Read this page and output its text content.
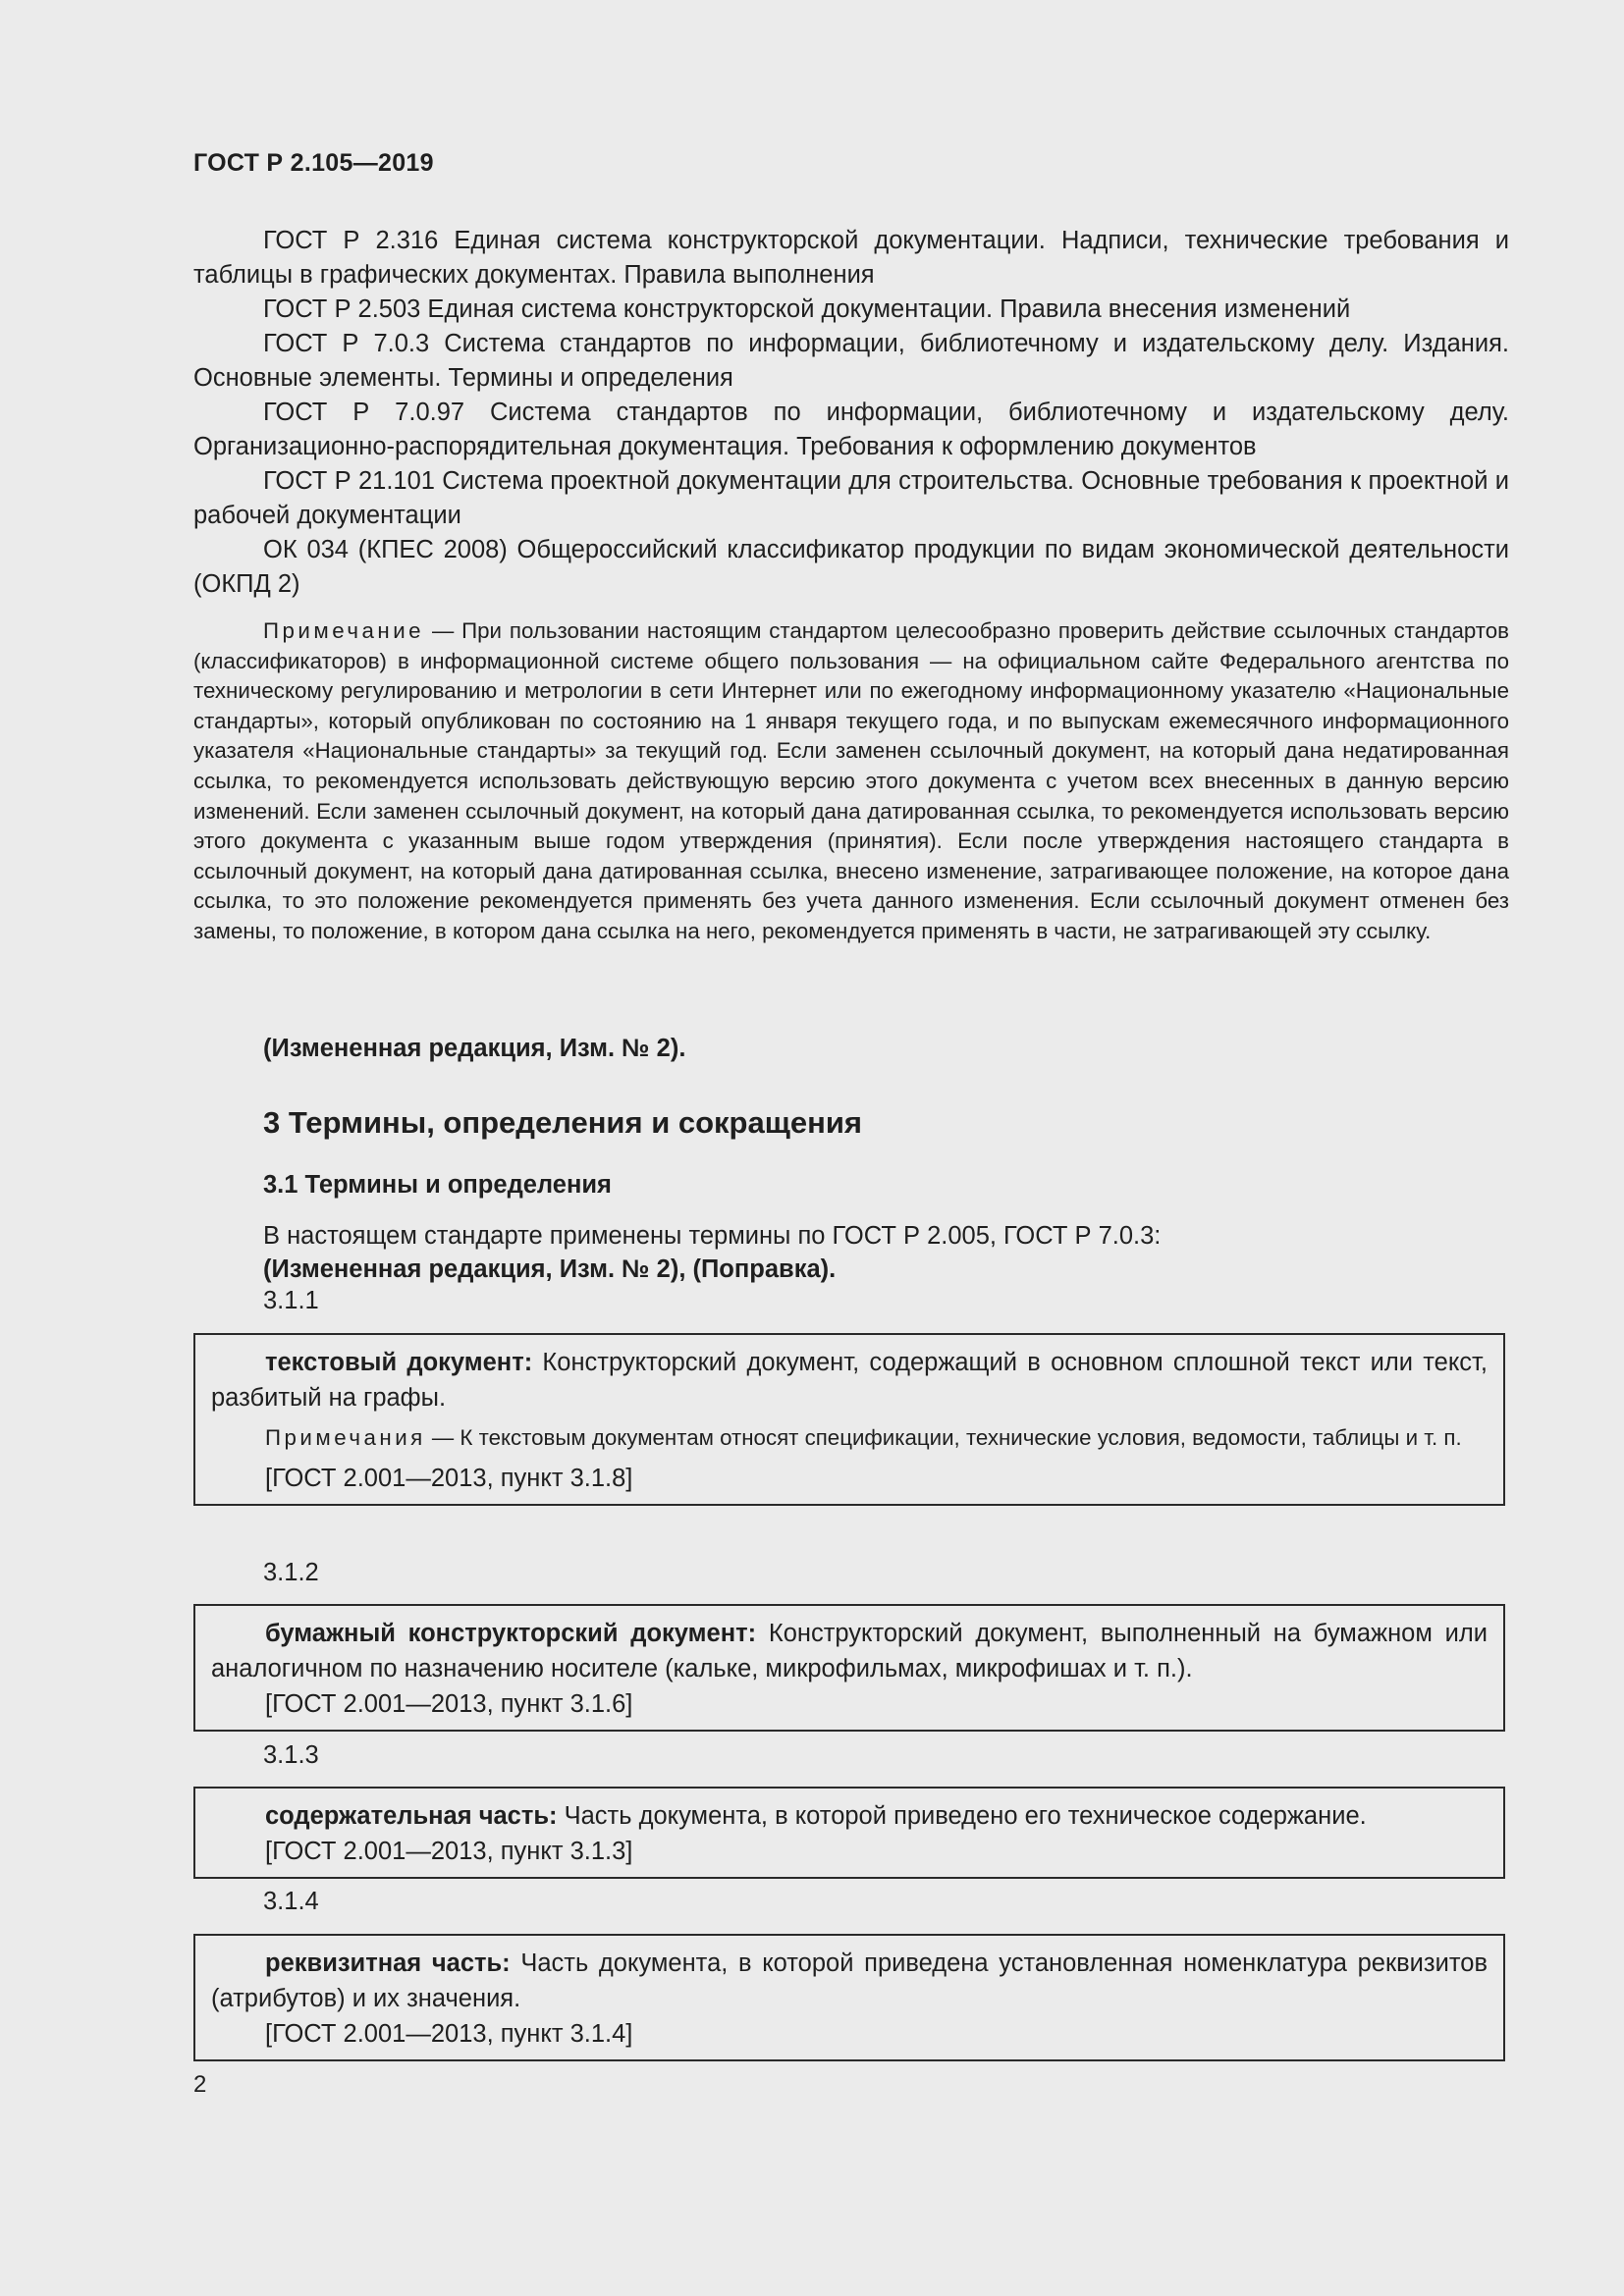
ГОСТ Р 2.105—2019

ГОСТ Р 2.316 Единая система конструкторской документации. Надписи, технические требования и таблицы в графических документах. Правила выполнения

ГОСТ Р 2.503 Единая система конструкторской документации. Правила внесения изменений

ГОСТ Р 7.0.3 Система стандартов по информации, библиотечному и издательскому делу. Издания. Основные элементы. Термины и определения

ГОСТ Р 7.0.97 Система стандартов по информации, библиотечному и издательскому делу. Организационно-распорядительная документация. Требования к оформлению документов

ГОСТ Р 21.101 Система проектной документации для строительства. Основные требования к проектной и рабочей документации

ОК 034 (КПЕС 2008) Общероссийский классификатор продукции по видам экономической деятельности (ОКПД 2)

Примечание — При пользовании настоящим стандартом целесообразно проверить действие ссылочных стандартов (классификаторов) в информационной системе общего пользования — на официальном сайте Федерального агентства по техническому регулированию и метрологии в сети Интернет или по ежегодному информационному указателю «Национальные стандарты», который опубликован по состоянию на 1 января текущего года, и по выпускам ежемесячного информационного указателя «Национальные стандарты» за текущий год. Если заменен ссылочный документ, на который дана недатированная ссылка, то рекомендуется использовать действующую версию этого документа с учетом всех внесенных в данную версию изменений. Если заменен ссылочный документ, на который дана датированная ссылка, то рекомендуется использовать версию этого документа с указанным выше годом утверждения (принятия). Если после утверждения настоящего стандарта в ссылочный документ, на который дана датированная ссылка, внесено изменение, затрагивающее положение, на которое дана ссылка, то это положение рекомендуется применять без учета данного изменения. Если ссылочный документ отменен без замены, то положение, в котором дана ссылка на него, рекомендуется применять в части, не затрагивающей эту ссылку.

(Измененная редакция, Изм. № 2).
3 Термины, определения и сокращения
3.1 Термины и определения
В настоящем стандарте применены термины по ГОСТ Р 2.005, ГОСТ Р 7.0.3:
(Измененная редакция, Изм. № 2), (Поправка).
3.1.1

текстовый документ: Конструкторский документ, содержащий в основном сплошной текст или текст, разбитый на графы.

Примечания — К текстовым документам относят спецификации, технические условия, ведомости, таблицы и т. п.

[ГОСТ 2.001—2013, пункт 3.1.8]

3.1.2

бумажный конструкторский документ: Конструкторский документ, выполненный на бумажном или аналогичном по назначению носителе (кальке, микрофильмах, микрофишах и т. п.).

[ГОСТ 2.001—2013, пункт 3.1.6]

3.1.3

содержательная часть: Часть документа, в которой приведено его техническое содержание.

[ГОСТ 2.001—2013, пункт 3.1.3]

3.1.4

реквизитная часть: Часть документа, в которой приведена установленная номенклатура реквизитов (атрибутов) и их значения.

[ГОСТ 2.001—2013, пункт 3.1.4]

2
